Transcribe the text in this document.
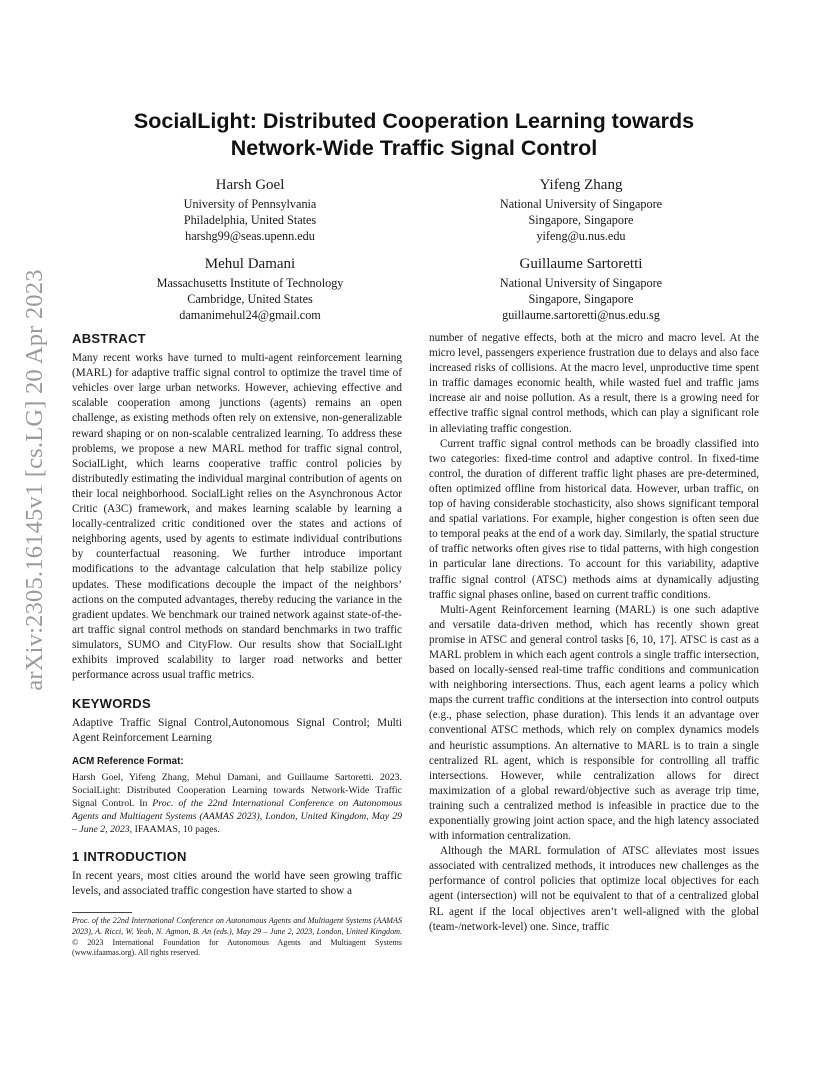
arXiv:2305.16145v1 [cs.LG] 20 Apr 2023
SocialLight: Distributed Cooperation Learning towards
Network-Wide Traffic Signal Control
Harsh Goel
University of Pennsylvania
Philadelphia, United States
harshg99@seas.upenn.edu
Yifeng Zhang
National University of Singapore
Singapore, Singapore
yifeng@u.nus.edu
Mehul Damani
Massachusetts Institute of Technology
Cambridge, United States
damanimehul24@gmail.com
Guillaume Sartoretti
National University of Singapore
Singapore, Singapore
guillaume.sartoretti@nus.edu.sg
ABSTRACT

Many recent works have turned to multi-agent reinforcement learning (MARL) for adaptive traffic signal control to optimize the travel time of vehicles over large urban networks. However, achieving effective and scalable cooperation among junctions (agents) remains an open challenge, as existing methods often rely on extensive, non-generalizable reward shaping or on non-scalable centralized learning. To address these problems, we propose a new MARL method for traffic signal control, SocialLight, which learns cooperative traffic control policies by distributedly estimating the individual marginal contribution of agents on their local neighborhood. SocialLight relies on the Asynchronous Actor Critic (A3C) framework, and makes learning scalable by learning a locally-centralized critic conditioned over the states and actions of neighboring agents, used by agents to estimate individual contributions by counterfactual reasoning. We further introduce important modifications to the advantage calculation that help stabilize policy updates. These modifications decouple the impact of the neighbors’ actions on the computed advantages, thereby reducing the variance in the gradient updates. We benchmark our trained network against state-of-the-art traffic signal control methods on standard benchmarks in two traffic simulators, SUMO and CityFlow. Our results show that SocialLight exhibits improved scalability to larger road networks and better performance across usual traffic metrics.

KEYWORDS

Adaptive Traffic Signal Control,Autonomous Signal Control; Multi Agent Reinforcement Learning

ACM Reference Format:

Harsh Goel, Yifeng Zhang, Mehul Damani, and Guillaume Sartoretti. 2023. SocialLight: Distributed Cooperation Learning towards Network-Wide Traffic Signal Control. In Proc. of the 22nd International Conference on Autonomous Agents and Multiagent Systems (AAMAS 2023), London, United Kingdom, May 29 – June 2, 2023, IFAAMAS, 10 pages.

1 INTRODUCTION

In recent years, most cities around the world have seen growing traffic levels, and associated traffic congestion have started to show a

Proc. of the 22nd International Conference on Autonomous Agents and Multiagent Systems (AAMAS 2023), A. Ricci, W. Yeoh, N. Agmon, B. An (eds.), May 29 – June 2, 2023, London, United Kingdom. © 2023 International Foundation for Autonomous Agents and Multiagent Systems (www.ifaamas.org). All rights reserved.

number of negative effects, both at the micro and macro level. At the micro level, passengers experience frustration due to delays and also face increased risks of collisions. At the macro level, unproductive time spent in traffic damages economic health, while wasted fuel and traffic jams increase air and noise pollution. As a result, there is a growing need for effective traffic signal control methods, which can play a significant role in alleviating traffic congestion.

Current traffic signal control methods can be broadly classified into two categories: fixed-time control and adaptive control. In fixed-time control, the duration of different traffic light phases are pre-determined, often optimized offline from historical data. However, urban traffic, on top of having considerable stochasticity, also shows significant temporal and spatial variations. For example, higher congestion is often seen due to temporal peaks at the end of a work day. Similarly, the spatial structure of traffic networks often gives rise to tidal patterns, with high congestion in particular lane directions. To account for this variability, adaptive traffic signal control (ATSC) methods aims at dynamically adjusting traffic signal phases online, based on current traffic conditions.

Multi-Agent Reinforcement learning (MARL) is one such adaptive and versatile data-driven method, which has recently shown great promise in ATSC and general control tasks [6, 10, 17]. ATSC is cast as a MARL problem in which each agent controls a single traffic intersection, based on locally-sensed real-time traffic conditions and communication with neighboring intersections. Thus, each agent learns a policy which maps the current traffic conditions at the intersection into control outputs (e.g., phase selection, phase duration). This lends it an advantage over conventional ATSC methods, which rely on complex dynamics models and heuristic assumptions. An alternative to MARL is to train a single centralized RL agent, which is responsible for controlling all traffic intersections. However, while centralization allows for direct maximization of a global reward/objective such as average trip time, training such a centralized method is infeasible in practice due to the exponentially growing joint action space, and the high latency associated with information centralization.

Although the MARL formulation of ATSC alleviates most issues associated with centralized methods, it introduces new challenges as the performance of control policies that optimize local objectives for each agent (intersection) will not be equivalent to that of a centralized global RL agent if the local objectives aren’t well-aligned with the global (team-/network-level) one. Since, traffic
